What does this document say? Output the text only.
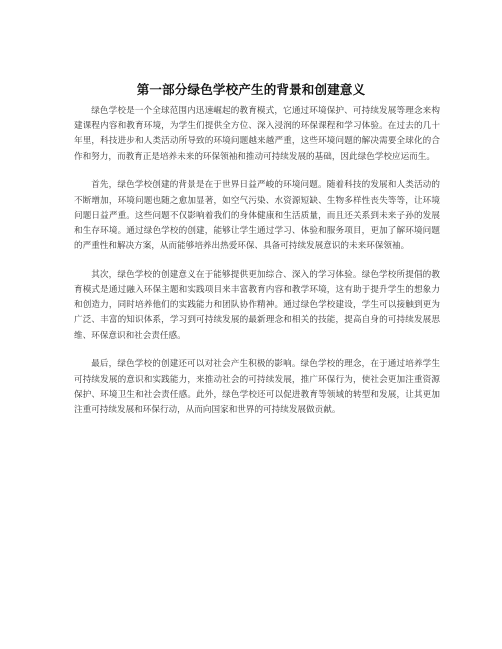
第一部分绿色学校产生的背景和创建意义

绿色学校是一个全球范围内迅速崛起的教育模式，它通过环境保护、可持续发展等理念来构建课程内容和教育环境，为学生们提供全方位、深入浸润的环保课程和学习体验。在过去的几十年里，科技进步和人类活动所导致的环境问题越来越严重，这些环境问题的解决需要全球化的合作和努力，而教育正是培养未来的环保领袖和推动可持续发展的基础，因此绿色学校应运而生。

首先，绿色学校创建的背景是在于世界日益严峻的环境问题。随着科技的发展和人类活动的不断增加，环境问题也随之愈加显著，如空气污染、水资源短缺、生物多样性丧失等等，让环境问题日益严重。这些问题不仅影响着我们的身体健康和生活质量，而且还关系到未来子孙的发展和生存环境。通过绿色学校的创建，能够让学生通过学习、体验和服务项目，更加了解环境问题的严重性和解决方案，从而能够培养出热爱环保、具备可持续发展意识的未来环保领袖。

其次，绿色学校的创建意义在于能够提供更加综合、深入的学习体验。绿色学校所提倡的教育模式是通过融入环保主题和实践项目来丰富教育内容和教学环境，这有助于提升学生的想象力和创造力，同时培养他们的实践能力和团队协作精神。通过绿色学校建设，学生可以接触到更为广泛、丰富的知识体系，学习到可持续发展的最新理念和相关的技能，提高自身的可持续发展思维、环保意识和社会责任感。

最后，绿色学校的创建还可以对社会产生积极的影响。绿色学校的理念，在于通过培养学生可持续发展的意识和实践能力，来推动社会的可持续发展，推广环保行为，使社会更加注重资源保护、环境卫生和社会责任感。此外，绿色学校还可以促进教育等领域的转型和发展，让其更加注重可持续发展和环保行动，从而向国家和世界的可持续发展做贡献。
